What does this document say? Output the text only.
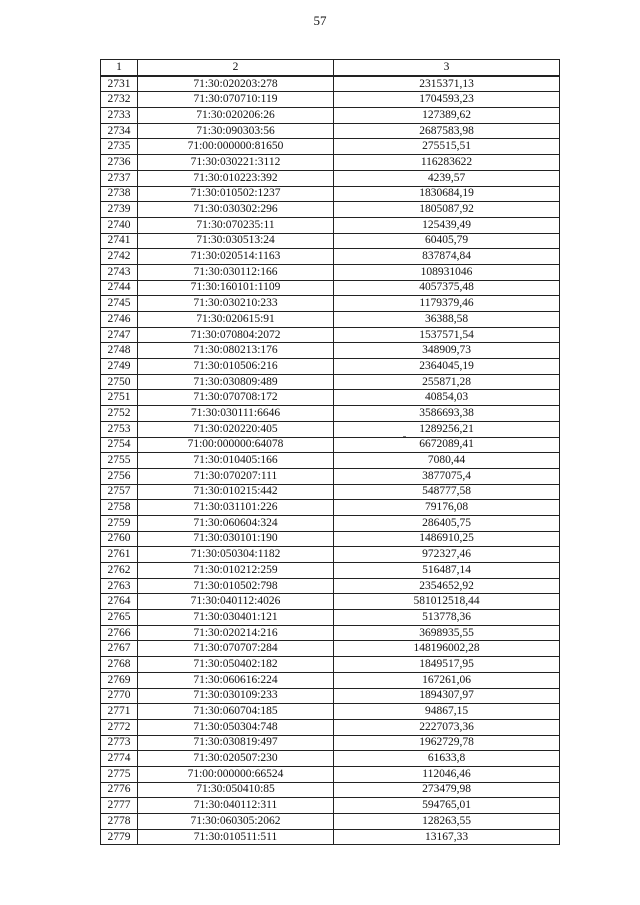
57
1	2	3
2731	71:30:020203:278	2315371,13
2732	71:30:070710:119	1704593,23
2733	71:30:020206:26	127389,62
2734	71:30:090303:56	2687583,98
2735	71:00:000000:81650	275515,51
2736	71:30:030221:3112	116283622
2737	71:30:010223:392	4239,57
2738	71:30:010502:1237	1830684,19
2739	71:30:030302:296	1805087,92
2740	71:30:070235:11	125439,49
2741	71:30:030513:24	60405,79
2742	71:30:020514:1163	837874,84
2743	71:30:030112:166	108931046
2744	71:30:160101:1109	4057375,48
2745	71:30:030210:233	1179379,46
2746	71:30:020615:91	36388,58
2747	71:30:070804:2072	1537571,54
2748	71:30:080213:176	348909,73
2749	71:30:010506:216	2364045,19
2750	71:30:030809:489	255871,28
2751	71:30:070708:172	40854,03
2752	71:30:030111:6646	3586693,38
2753	71:30:020220:405	1289256,21
2754	71:00:000000:64078	6672089,41
2755	71:30:010405:166	7080,44
2756	71:30:070207:111	3877075,4
2757	71:30:010215:442	548777,58
2758	71:30:031101:226	79176,08
2759	71:30:060604:324	286405,75
2760	71:30:030101:190	1486910,25
2761	71:30:050304:1182	972327,46
2762	71:30:010212:259	516487,14
2763	71:30:010502:798	2354652,92
2764	71:30:040112:4026	581012518,44
2765	71:30:030401:121	513778,36
2766	71:30:020214:216	3698935,55
2767	71:30:070707:284	148196002,28
2768	71:30:050402:182	1849517,95
2769	71:30:060616:224	167261,06
2770	71:30:030109:233	1894307,97
2771	71:30:060704:185	94867,15
2772	71:30:050304:748	2227073,36
2773	71:30:030819:497	1962729,78
2774	71:30:020507:230	61633,8
2775	71:00:000000:66524	112046,46
2776	71:30:050410:85	273479,98
2777	71:30:040112:311	594765,01
2778	71:30:060305:2062	128263,55
2779	71:30:010511:511	13167,33
